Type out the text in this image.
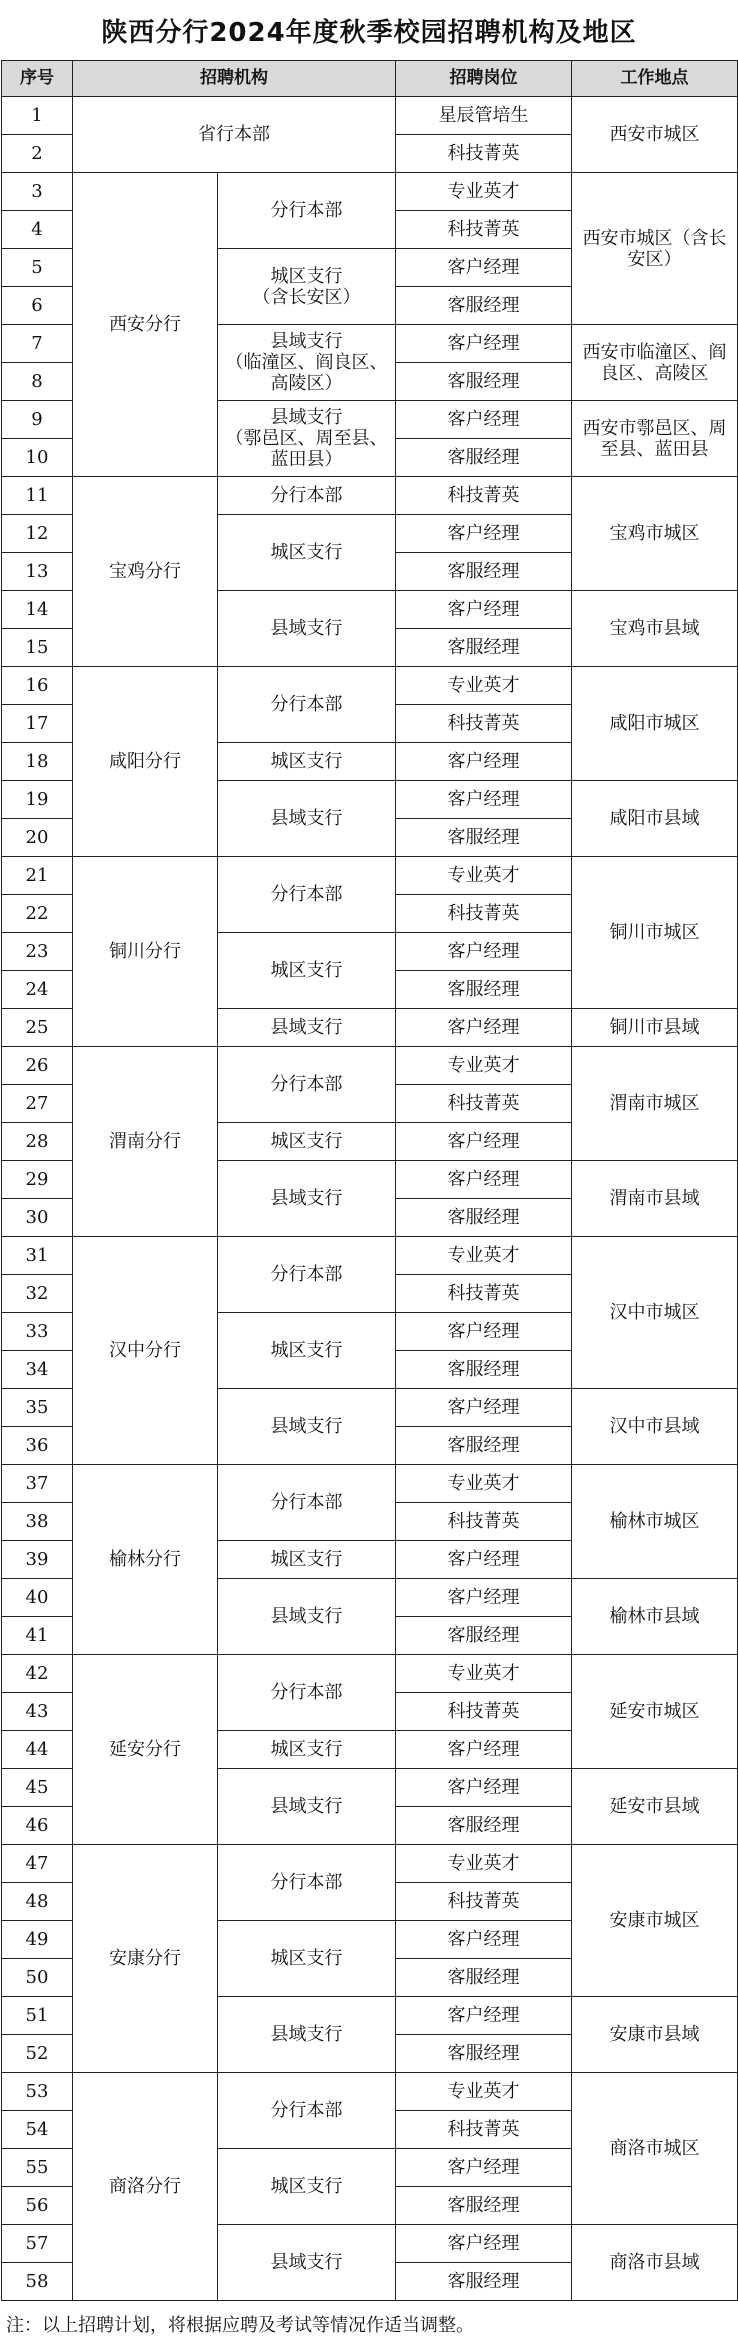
陕西分行2024年度秋季校园招聘机构及地区
序号	招聘机构		招聘岗位	工作地点
1	省行本部		星辰管培生	西安市城区
2			科技菁英	
3	西安分行	分行本部	专业英才	西安市城区（含长安区）
4			科技菁英	
5		城区支行
（含长安区）	客户经理	
6			客服经理	
7		县域支行
（临潼区、阎良区、
高陵区）	客户经理	西安市临潼区、阎良区、高陵区
8			客服经理	
9		县域支行
（鄠邑区、周至县、
蓝田县）	客户经理	西安市鄠邑区、周至县、蓝田县
10			客服经理	
11	宝鸡分行	分行本部	科技菁英	宝鸡市城区
12		城区支行	客户经理	
13			客服经理	
14		县域支行	客户经理	宝鸡市县域
15			客服经理	
16	咸阳分行	分行本部	专业英才	咸阳市城区
17			科技菁英	
18		城区支行	客户经理	
19		县域支行	客户经理	咸阳市县域
20			客服经理	
21	铜川分行	分行本部	专业英才	铜川市城区
22			科技菁英	
23		城区支行	客户经理	
24			客服经理	
25		县域支行	客户经理	铜川市县域
26	渭南分行	分行本部	专业英才	渭南市城区
27			科技菁英	
28		城区支行	客户经理	
29		县域支行	客户经理	渭南市县域
30			客服经理	
31	汉中分行	分行本部	专业英才	汉中市城区
32			科技菁英	
33		城区支行	客户经理	
34			客服经理	
35		县域支行	客户经理	汉中市县域
36			客服经理	
37	榆林分行	分行本部	专业英才	榆林市城区
38			科技菁英	
39		城区支行	客户经理	
40		县域支行	客户经理	榆林市县域
41			客服经理	
42	延安分行	分行本部	专业英才	延安市城区
43			科技菁英	
44		城区支行	客户经理	
45		县域支行	客户经理	延安市县域
46			客服经理	
47	安康分行	分行本部	专业英才	安康市城区
48			科技菁英	
49		城区支行	客户经理	
50			客服经理	
51		县域支行	客户经理	安康市县域
52			客服经理	
53	商洛分行	分行本部	专业英才	商洛市城区
54			科技菁英	
55		城区支行	客户经理	
56			客服经理	
57		县域支行	客户经理	商洛市县域
58			客服经理	
注：以上招聘计划，将根据应聘及考试等情况作适当调整。
